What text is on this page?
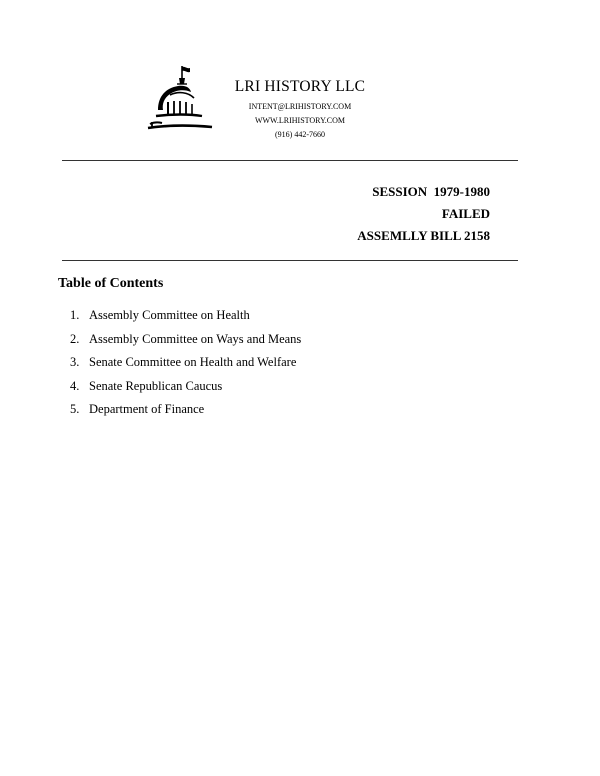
LRI HISTORY LLC
INTENT@LRIHISTORY.COM
WWW.LRIHISTORY.COM
(916) 442-7660
SESSION  1979-1980
FAILED
ASSEMLLY BILL 2158
Table of Contents
1. Assembly Committee on Health
2. Assembly Committee on Ways and Means
3. Senate Committee on Health and Welfare
4. Senate Republican Caucus
5. Department of Finance
